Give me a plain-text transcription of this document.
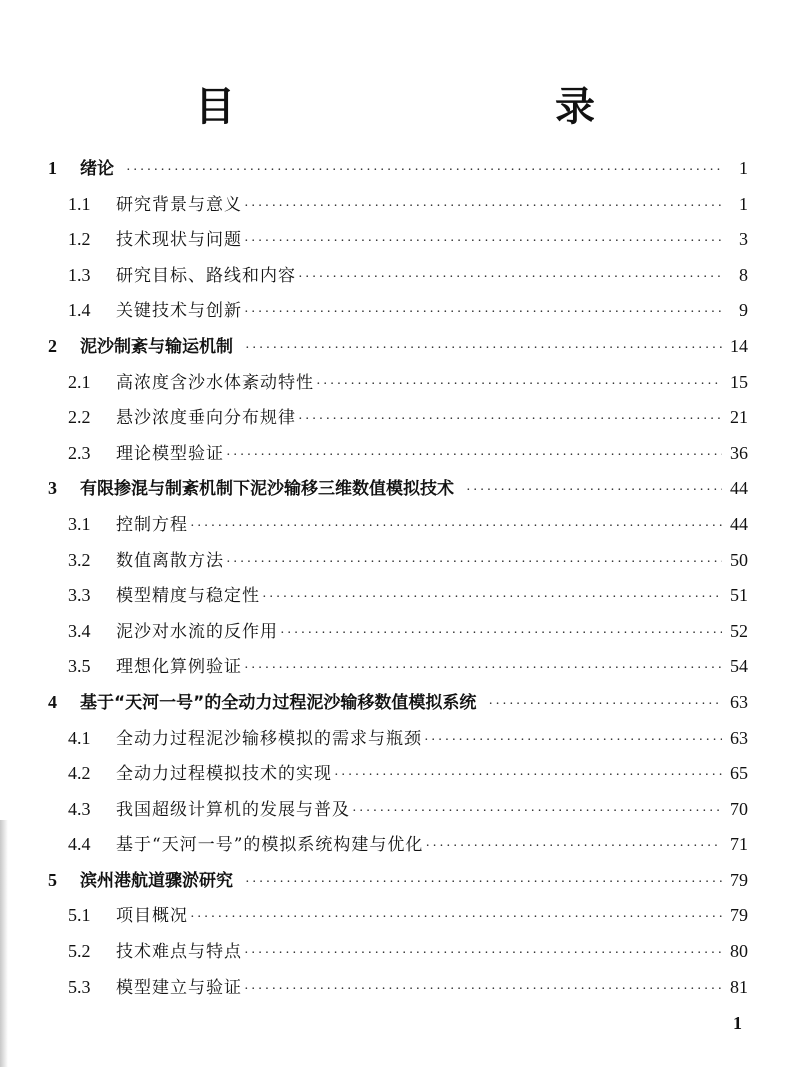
目　　录
1	绪论 ·····	1
1.1	研究背景与意义 ·····	1
1.2	技术现状与问题 ·····	3
1.3	研究目标、路线和内容 ·····	8
1.4	关键技术与创新 ·····	9
2	泥沙制紊与输运机制 ·····	14
2.1	高浓度含沙水体紊动特性 ·····	15
2.2	悬沙浓度垂向分布规律 ·····	21
2.3	理论模型验证 ·····	36
3	有限掺混与制紊机制下泥沙输移三维数值模拟技术 ·····	44
3.1	控制方程 ·····	44
3.2	数值离散方法 ·····	50
3.3	模型精度与稳定性 ·····	51
3.4	泥沙对水流的反作用 ·····	52
3.5	理想化算例验证 ·····	54
4	基于“天河一号”的全动力过程泥沙输移数值模拟系统 ·····	63
4.1	全动力过程泥沙输移模拟的需求与瓶颈 ·····	63
4.2	全动力过程模拟技术的实现 ·····	65
4.3	我国超级计算机的发展与普及 ·····	70
4.4	基于“天河一号”的模拟系统构建与优化 ·····	71
5	滨州港航道骤淤研究 ·····	79
5.1	项目概况 ·····	79
5.2	技术难点与特点 ·····	80
5.3	模型建立与验证 ·····	81
1
